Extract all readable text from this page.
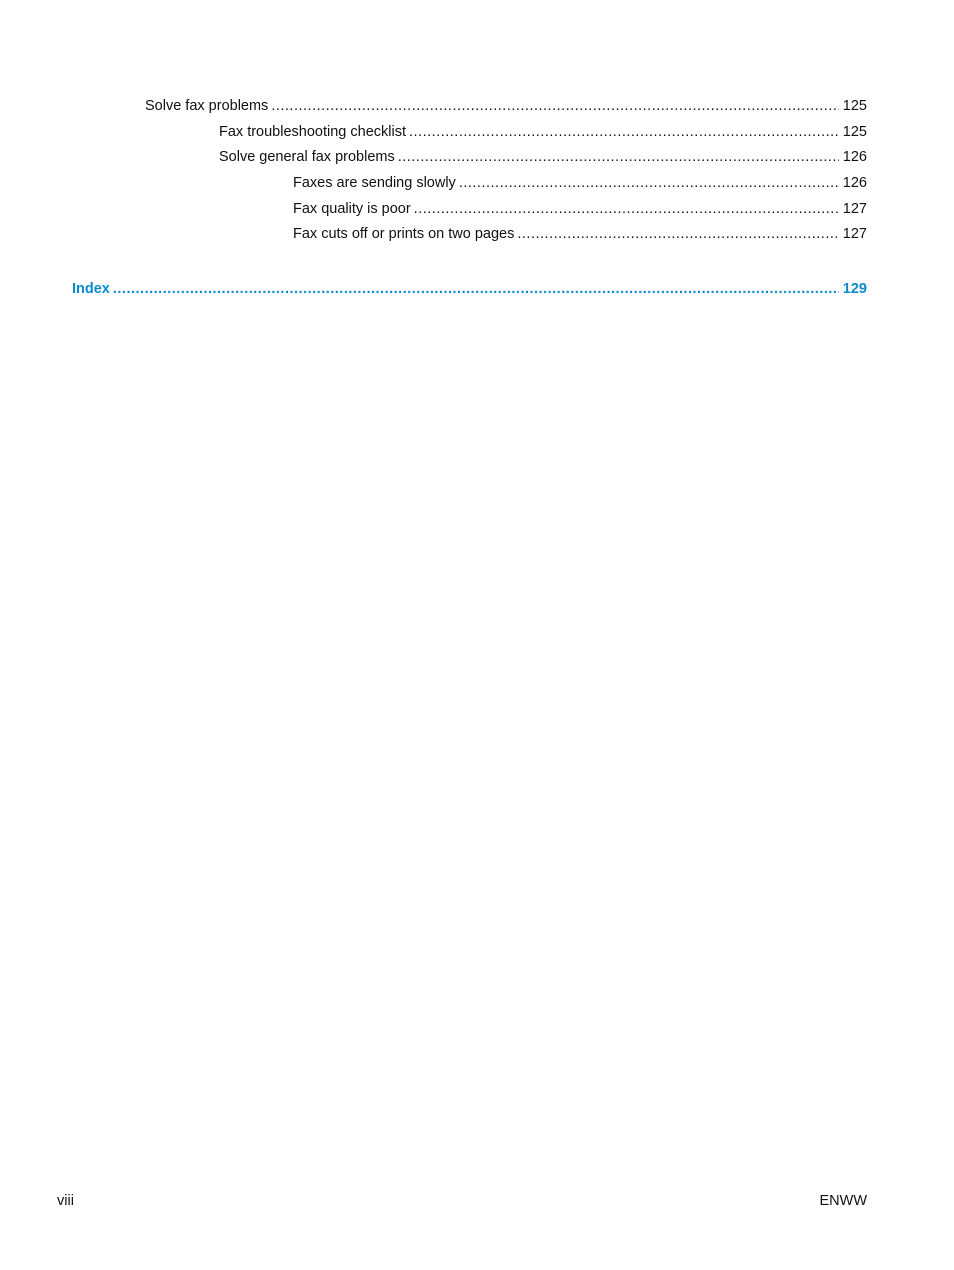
Solve fax problems .....	125
Fax troubleshooting checklist .....	125
Solve general fax problems .....	126
Faxes are sending slowly .....	126
Fax quality is poor .....	127
Fax cuts off or prints on two pages .....	127
Index .....	129
viii	ENWW
